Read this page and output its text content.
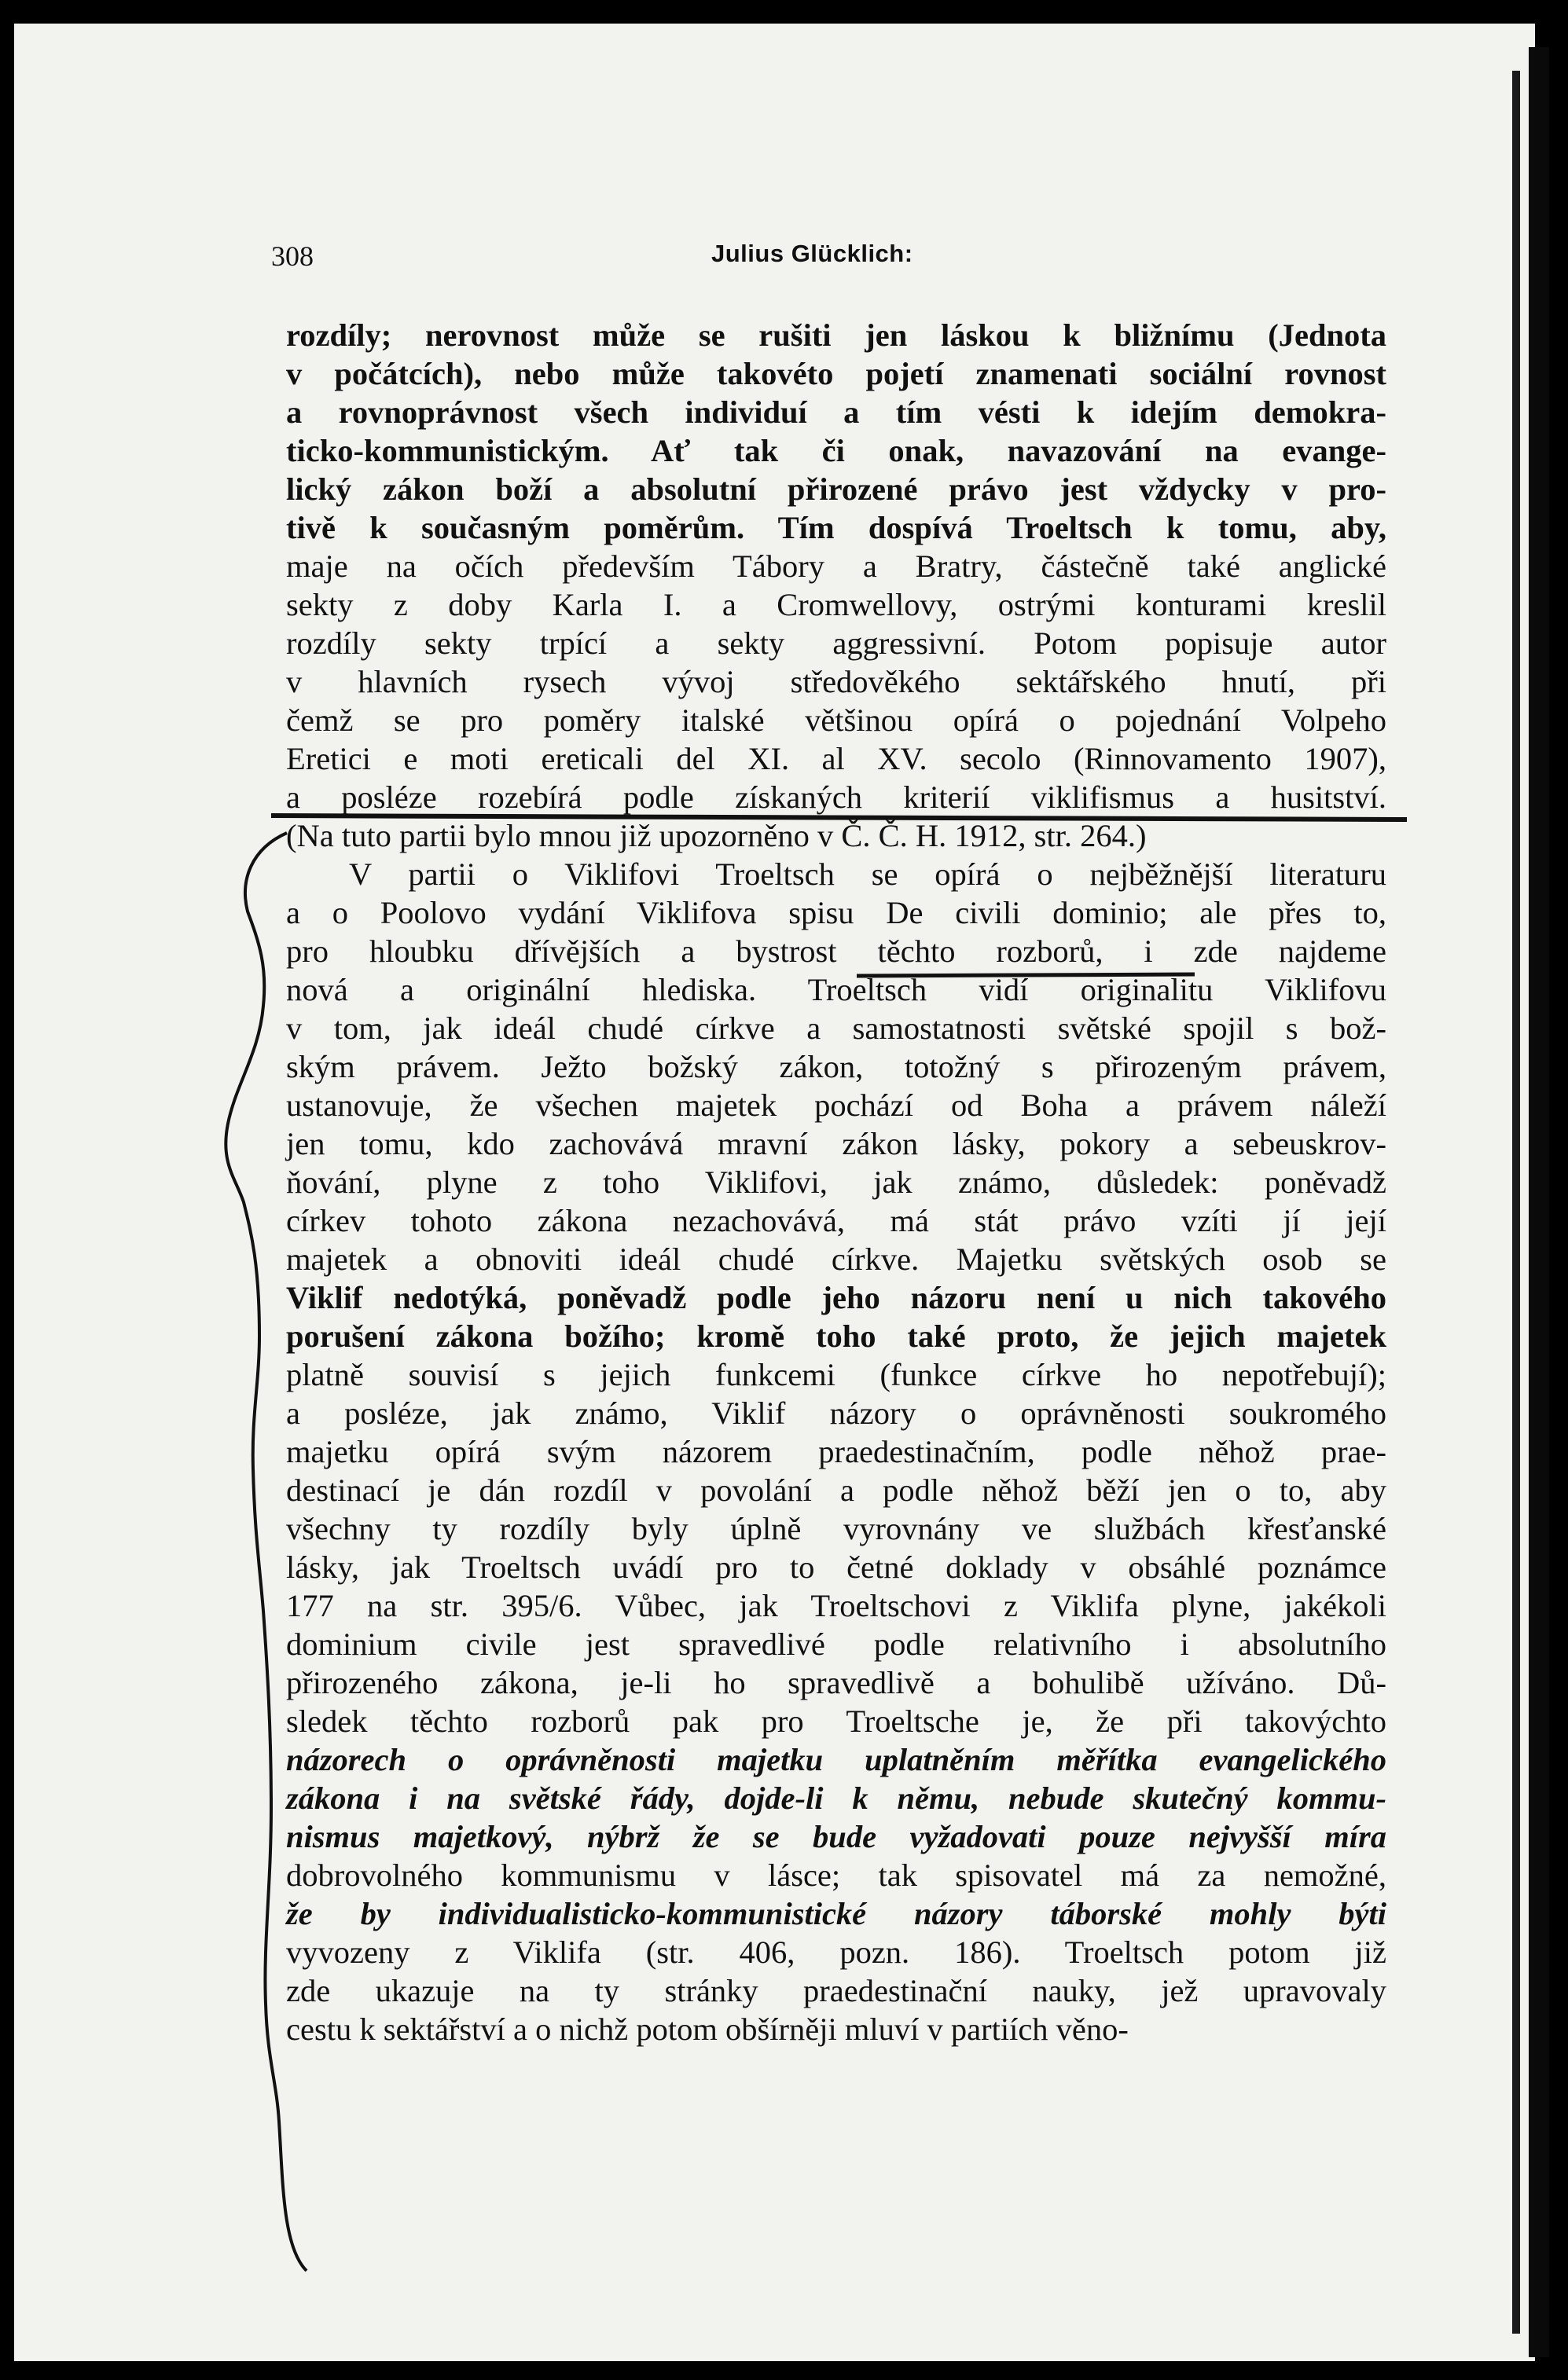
308	Julius Glücklich:
rozdíly; nerovnost může se rušiti jen láskou k bližnímu (Jednota
v počátcích), nebo může takovéto pojetí znamenati sociální rovnost
a rovnoprávnost všech individuí a tím vésti k idejím demokra-
ticko-kommunistickým. Ať tak či onak, navazování na evange-
lický zákon boží a absolutní přirozené právo jest vždycky v pro-
tivě k současným poměrům. Tím dospívá Troeltsch k tomu, aby,
maje na očích především Tábory a Bratry, částečně také anglické
sekty z doby Karla I. a Cromwellovy, ostrými konturami kreslil
rozdíly sekty trpící a sekty aggressivní. Potom popisuje autor
v hlavních rysech vývoj středověkého sektářského hnutí, při
čemž se pro poměry italské většinou opírá o pojednání Volpeho
Eretici e moti ereticali del XI. al XV. secolo (Rinnovamento 1907),
a posléze rozebírá podle získaných kriterií viklifismus a husitství.
(Na tuto partii bylo mnou již upozorněno v Č. Č. H. 1912, str. 264.)
V partii o Viklifovi Troeltsch se opírá o nejběžnější literaturu
a o Poolovo vydání Viklifova spisu De civili dominio; ale přes to,
pro hloubku dřívějších a bystrost těchto rozborů, i zde najdeme
nová a originální hlediska. Troeltsch vidí originalitu Viklifovu
v tom, jak ideál chudé církve a samostatnosti světské spojil s bož-
ským právem. Ježto božský zákon, totožný s přirozeným právem,
ustanovuje, že všechen majetek pochází od Boha a právem náleží
jen tomu, kdo zachovává mravní zákon lásky, pokory a sebeuskrov-
ňování, plyne z toho Viklifovi, jak známo, důsledek: poněvadž
církev tohoto zákona nezachovává, má stát právo vzíti jí její
majetek a obnoviti ideál chudé církve. Majetku světských osob se
Viklif nedotýká, poněvadž podle jeho názoru není u nich takového
porušení zákona božího; kromě toho také proto, že jejich majetek
platně souvisí s jejich funkcemi (funkce církve ho nepotřebují);
a posléze, jak známo, Viklif názory o oprávněnosti soukromého
majetku opírá svým názorem praedestinačním, podle něhož prae-
destinací je dán rozdíl v povolání a podle něhož běží jen o to, aby
všechny ty rozdíly byly úplně vyrovnány ve službách křesťanské
lásky, jak Troeltsch uvádí pro to četné doklady v obsáhlé poznámce
177 na str. 395/6. Vůbec, jak Troeltschovi z Viklifa plyne, jakékoli
dominium civile jest spravedlivé podle relativního i absolutního
přirozeného zákona, je-li ho spravedlivě a bohulibě užíváno. Dů-
sledek těchto rozborů pak pro Troeltsche je, že při takovýchto
názorech o oprávněnosti majetku uplatněním měřítka evangelického
zákona i na světské řády, dojde-li k němu, nebude skutečný kommu-
nismus majetkový, nýbrž že se bude vyžadovati pouze nejvyšší míra
dobrovolného kommunismu v lásce; tak spisovatel má za nemožné,
že by individualisticko-kommunistické názory táborské mohly býti
vyvozeny z Viklifa (str. 406, pozn. 186). Troeltsch potom již
zde ukazuje na ty stránky praedestinační nauky, jež upravovaly
cestu k sektářství a o nichž potom obšírněji mluví v partiích věno-
